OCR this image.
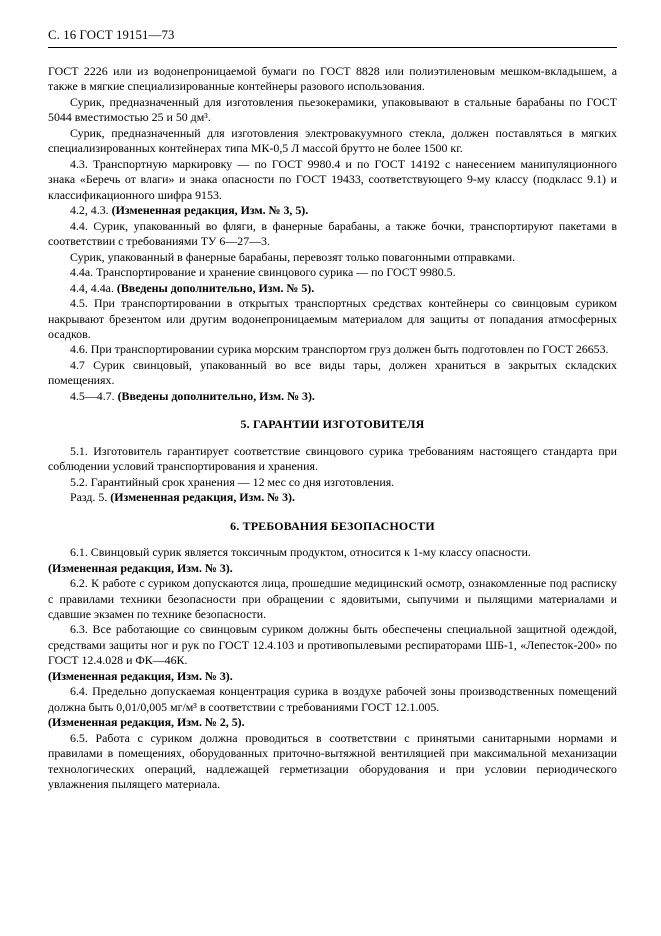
С. 16 ГОСТ 19151—73

ГОСТ 2226 или из водонепроницаемой бумаги по ГОСТ 8828 или полиэтиленовым мешком-вкладышем, а также в мягкие специализированные контейнеры разового использования.

Сурик, предназначенный для изготовления пьезокерамики, упаковывают в стальные барабаны по ГОСТ 5044 вместимостью 25 и 50 дм³.

Сурик, предназначенный для изготовления электровакуумного стекла, должен поставляться в мягких специализированных контейнерах типа МК-0,5 Л массой брутто не более 1500 кг.

4.3. Транспортную маркировку — по ГОСТ 9980.4 и по ГОСТ 14192 с нанесением манипуляционного знака «Беречь от влаги» и знака опасности по ГОСТ 19433, соответствующего 9-му классу (подкласс 9.1) и классификационного шифра 9153.

4.2, 4.3. (Измененная редакция, Изм. № 3, 5).

4.4. Сурик, упакованный во фляги, в фанерные барабаны, а также бочки, транспортируют пакетами в соответствии с требованиями ТУ 6—27—3.

Сурик, упакованный в фанерные барабаны, перевозят только повагонными отправками.

4.4а. Транспортирование и хранение свинцового сурика — по ГОСТ 9980.5.

4.4, 4.4а. (Введены дополнительно, Изм. № 5).

4.5. При транспортировании в открытых транспортных средствах контейнеры со свинцовым суриком накрывают брезентом или другим водонепроницаемым материалом для защиты от попадания атмосферных осадков.

4.6. При транспортировании сурика морским транспортом груз должен быть подготовлен по ГОСТ 26653.

4.7 Сурик свинцовый, упакованный во все виды тары, должен храниться в закрытых складских помещениях.

4.5—4.7. (Введены дополнительно, Изм. № 3).

5. ГАРАНТИИ ИЗГОТОВИТЕЛЯ

5.1. Изготовитель гарантирует соответствие свинцового сурика требованиям настоящего стандарта при соблюдении условий транспортирования и хранения.

5.2. Гарантийный срок хранения — 12 мес со дня изготовления.

Разд. 5. (Измененная редакция, Изм. № 3).

6. ТРЕБОВАНИЯ БЕЗОПАСНОСТИ

6.1. Свинцовый сурик является токсичным продуктом, относится к 1-му классу опасности.

(Измененная редакция, Изм. № 3).

6.2. К работе с суриком допускаются лица, прошедшие медицинский осмотр, ознакомленные под расписку с правилами техники безопасности при обращении с ядовитыми, сыпучими и пылящими материалами и сдавшие экзамен по технике безопасности.

6.3. Все работающие со свинцовым суриком должны быть обеспечены специальной защитной одеждой, средствами защиты ног и рук по ГОСТ 12.4.103 и противопылевыми респираторами ШБ-1, «Лепесток-200» по ГОСТ 12.4.028 и ФК—46К.

(Измененная редакция, Изм. № 3).

6.4. Предельно допускаемая концентрация сурика в воздухе рабочей зоны производственных помещений должна быть 0,01/0,005 мг/м³ в соответствии с требованиями ГОСТ 12.1.005.

(Измененная редакция, Изм. № 2, 5).

6.5. Работа с суриком должна проводиться в соответствии с принятыми санитарными нормами и правилами в помещениях, оборудованных приточно-вытяжной вентиляцией при максимальной механизации технологических операций, надлежащей герметизации оборудования и при условии периодического увлажнения пылящего материала.
